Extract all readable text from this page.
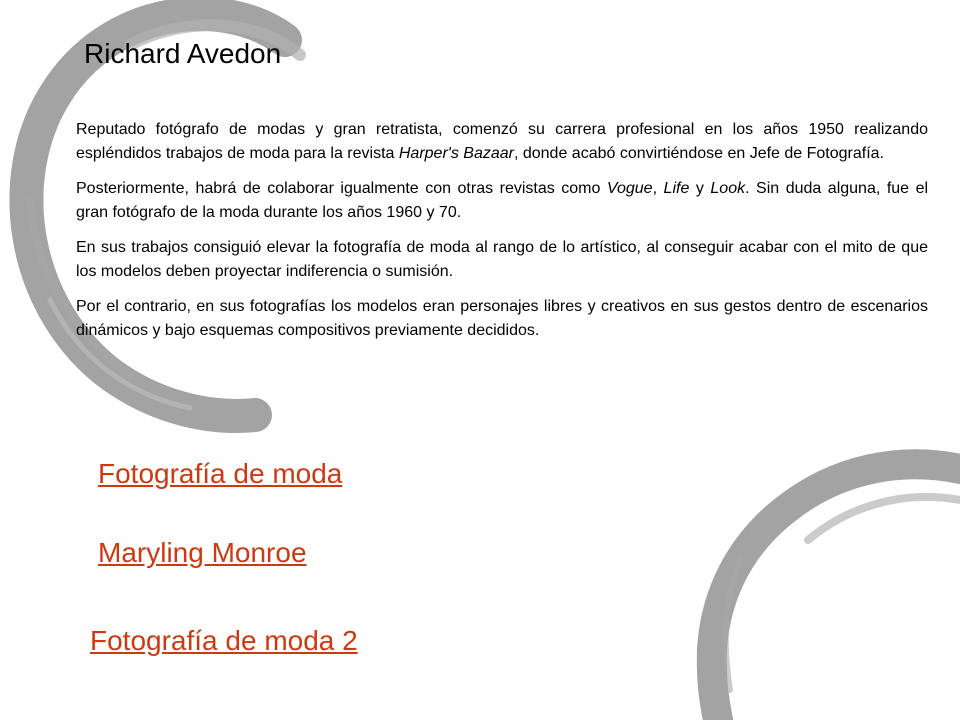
Richard Avedon

Reputado fotógrafo de modas y gran retratista, comenzó su carrera profesional en los años 1950 realizando espléndidos trabajos de moda para la revista Harper's Bazaar, donde acabó convirtiéndose en Jefe de Fotografía.

Posteriormente, habrá de colaborar igualmente con otras revistas como Vogue, Life y Look. Sin duda alguna, fue el gran fotógrafo de la moda durante los años 1960 y 70.

En sus trabajos consiguió elevar la fotografía de moda al rango de lo artístico, al conseguir acabar con el mito de que los modelos deben proyectar indiferencia o sumisión.

Por el contrario, en sus fotografías los modelos eran personajes libres y creativos en sus gestos dentro de escenarios dinámicos y bajo esquemas compositivos previamente decididos.

Fotografía de moda
Maryling Monroe
Fotografía de moda 2
